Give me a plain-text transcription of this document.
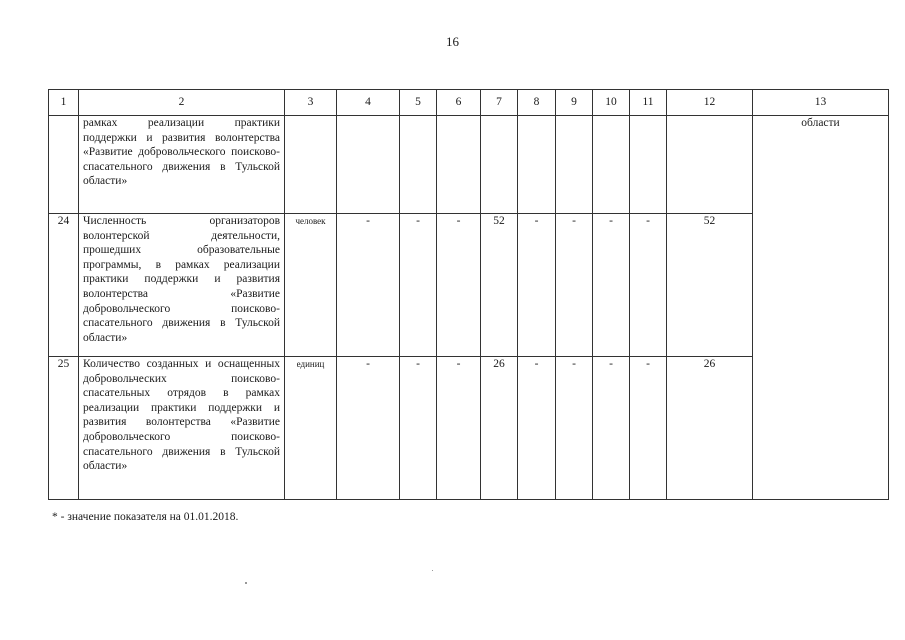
16
1	2	3	4	5	6	7	8	9	10	11	12	13
	рамках реализации практики поддержки и развития волонтерства «Развитие добровольческого поисково-спасательного движения в Тульской области»											области
24	Численность организаторов волонтерской деятельности, прошедших образовательные программы, в рамках реализации практики поддержки и развития волонтерства «Развитие добровольческого поисково-спасательного движения в Тульской области»	человек	-	-	-	52	-	-	-	-	52	
25	Количество созданных и оснащенных добровольческих поисково-спасательных отрядов в рамках реализации практики поддержки и развития волонтерства «Развитие добровольческого поисково-спасательного движения в Тульской области»	единиц	-	-	-	26	-	-	-	-	26	
* - значение показателя на 01.01.2018.
